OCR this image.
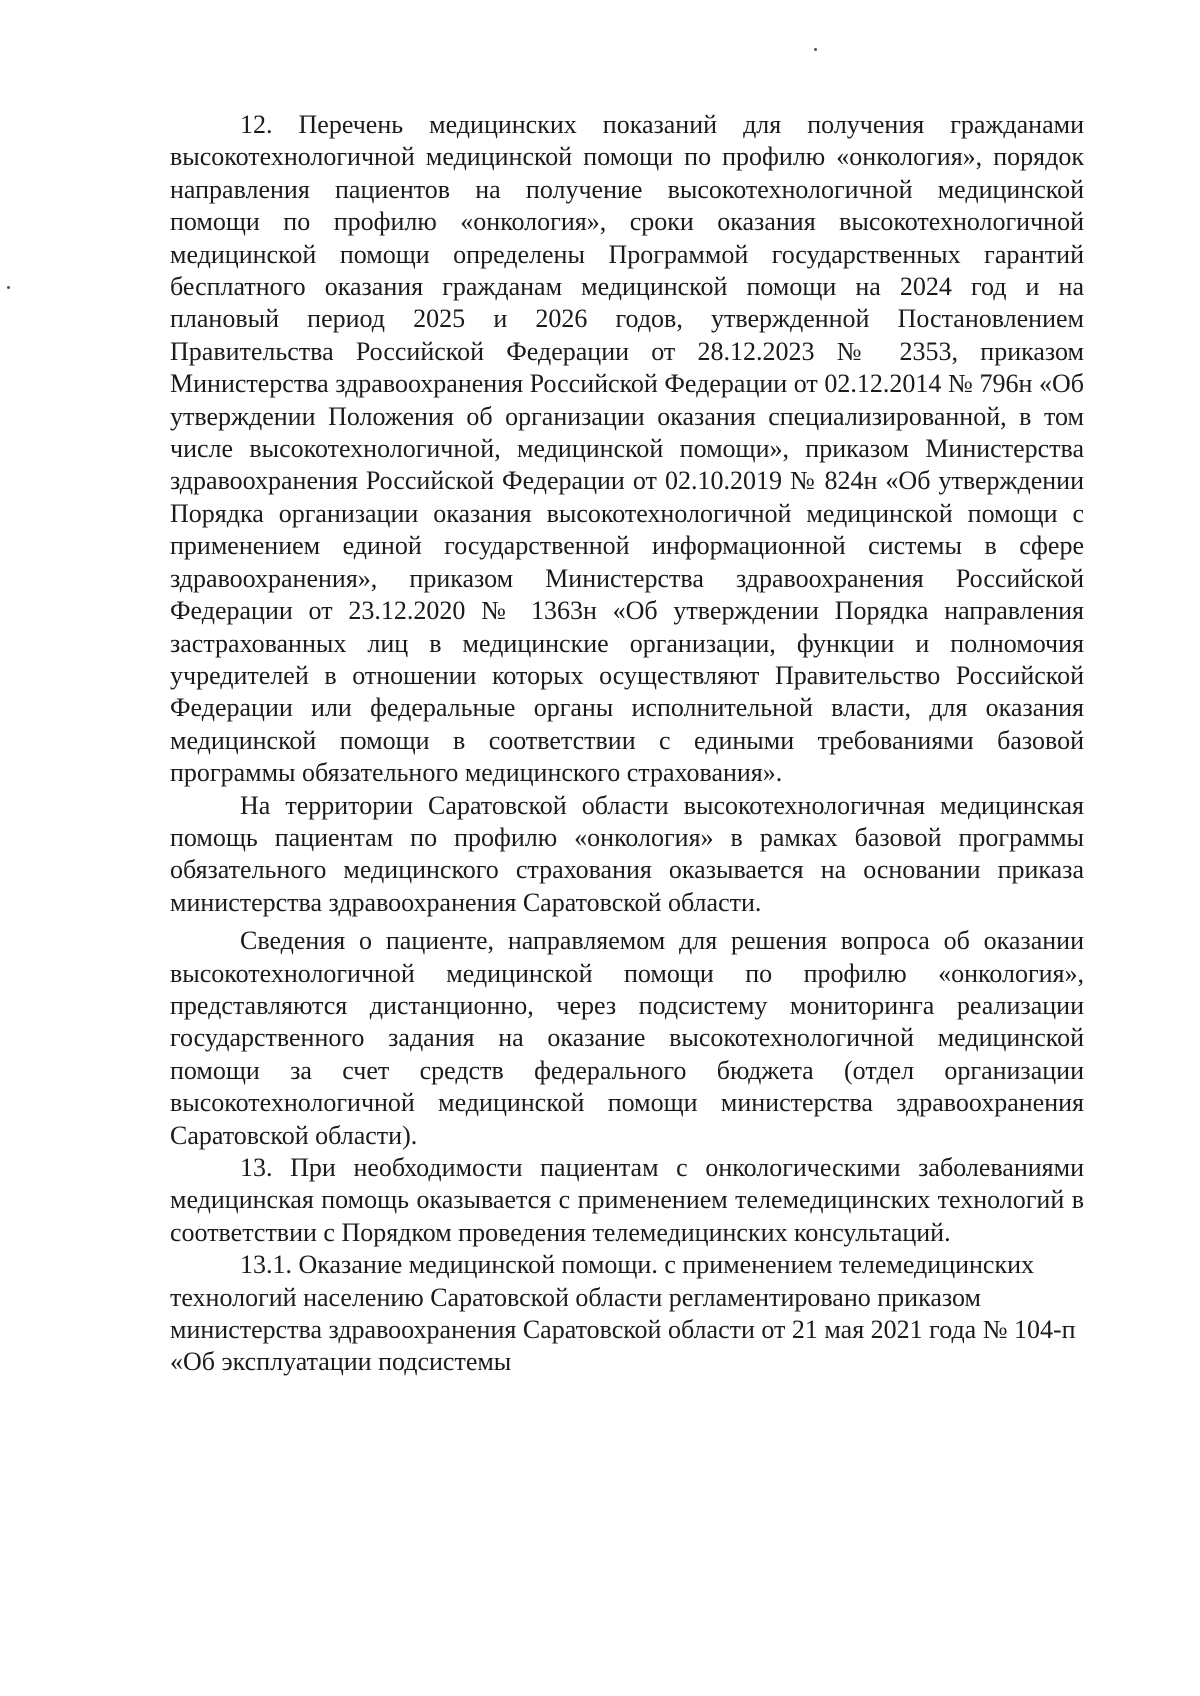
12. Перечень медицинских показаний для получения гражданами высокотехнологичной медицинской помощи по профилю «онкология», порядок направления пациентов на получение высокотехнологичной медицинской помощи по профилю «онкология», сроки оказания высокотехнологичной медицинской помощи определены Программой государственных гарантий бесплатного оказания гражданам медицинской помощи на 2024 год и на плановый период 2025 и 2026 годов, утвержденной Постановлением Правительства Российской Федерации от 28.12.2023 № 2353, приказом Министерства здравоохранения Российской Федерации от 02.12.2014 № 796н «Об утверждении Положения об организации оказания специализированной, в том числе высокотехнологичной, медицинской помощи», приказом Министерства здравоохранения Российской Федерации от 02.10.2019 № 824н «Об утверждении Порядка организации оказания высокотехнологичной медицинской помощи с применением единой государственной информационной системы в сфере здравоохранения», приказом Министерства здравоохранения Российской Федерации от 23.12.2020 № 1363н «Об утверждении Порядка направления застрахованных лиц в медицинские организации, функции и полномочия учредителей в отношении которых осуществляют Правительство Российской Федерации или федеральные органы исполнительной власти, для оказания медицинской помощи в соответствии с едиными требованиями базовой программы обязательного медицинского страхования».

На территории Саратовской области высокотехнологичная медицинская помощь пациентам по профилю «онкология» в рамках базовой программы обязательного медицинского страхования оказывается на основании приказа министерства здравоохранения Саратовской области.

Сведения о пациенте, направляемом для решения вопроса об оказании высокотехнологичной медицинской помощи по профилю «онкология», представляются дистанционно, через подсистему мониторинга реализации государственного задания на оказание высокотехнологичной медицинской помощи за счет средств федерального бюджета (отдел организации высокотехнологичной медицинской помощи министерства здравоохранения Саратовской области).

13. При необходимости пациентам с онкологическими заболеваниями медицинская помощь оказывается с применением телемедицинских технологий в соответствии с Порядком проведения телемедицинских консультаций.

13.1. Оказание медицинской помощи. с применением телемедицинских технологий населению Саратовской области регламентировано приказом министерства здравоохранения Саратовской области от 21 мая 2021 года № 104-п «Об эксплуатации подсистемы
